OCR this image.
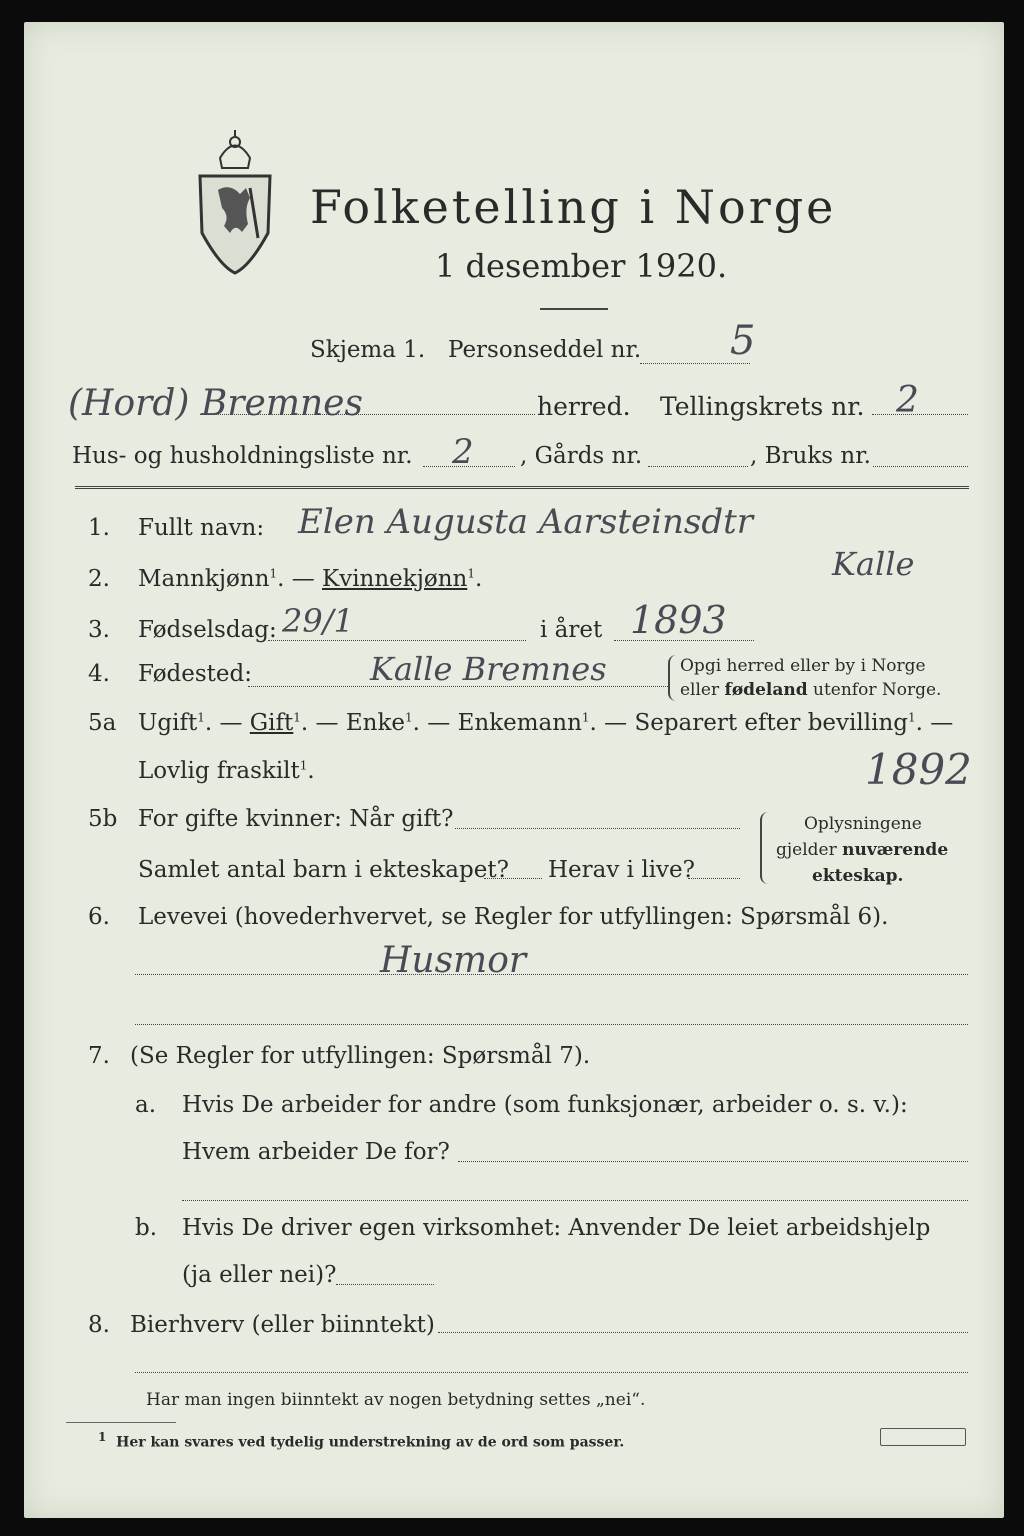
Folketelling i Norge
1 desember 1920.
Skjema 1. Personseddel nr. 5
(Hord) Bremnes	herred. Tellingskrets nr. 2
Hus- og husholdningsliste nr. 2 , Gårds nr.	, Bruks nr.
1. Fullt navn: Elen Augusta Aarsteinsdtr
Kalle
2. Mannkjønn$^1$. — Kvinnekjønn$^1$.
3. Fødselsdag: 29/1	i året 1893
4. Fødested:	Kalle Bremnes	Opgi herred eller by i Norge
eller fødeland utenfor Norge.
5a Ugift$^1$. — Gift$^1$. — Enke$^1$. — Enkemann$^1$. — Separert efter bevilling$^1$. —
Lovlig fraskilt$^1$.	1892
5b For gifte kvinner: Når gift?
Samlet antal barn i ekteskapet? Herav i live?
Oplysningene
gjelder nuværende
ekteskap.
6. Levevei (hovederhvervet, se Regler for utfyllingen: Spørsmål 6).
Husmor
7. (Se Regler for utfyllingen: Spørsmål 7).
a. Hvis De arbeider for andre (som funksjonær, arbeider o. s. v.):
Hvem arbeider De for?
b. Hvis De driver egen virksomhet: Anvender De leiet arbeidshjelp
(ja eller nei)?
8. Bierhverv (eller biinntekt)
Har man ingen biinntekt av nogen betydning settes „nei“.
1 Her kan svares ved tydelig understrekning av de ord som passer.
